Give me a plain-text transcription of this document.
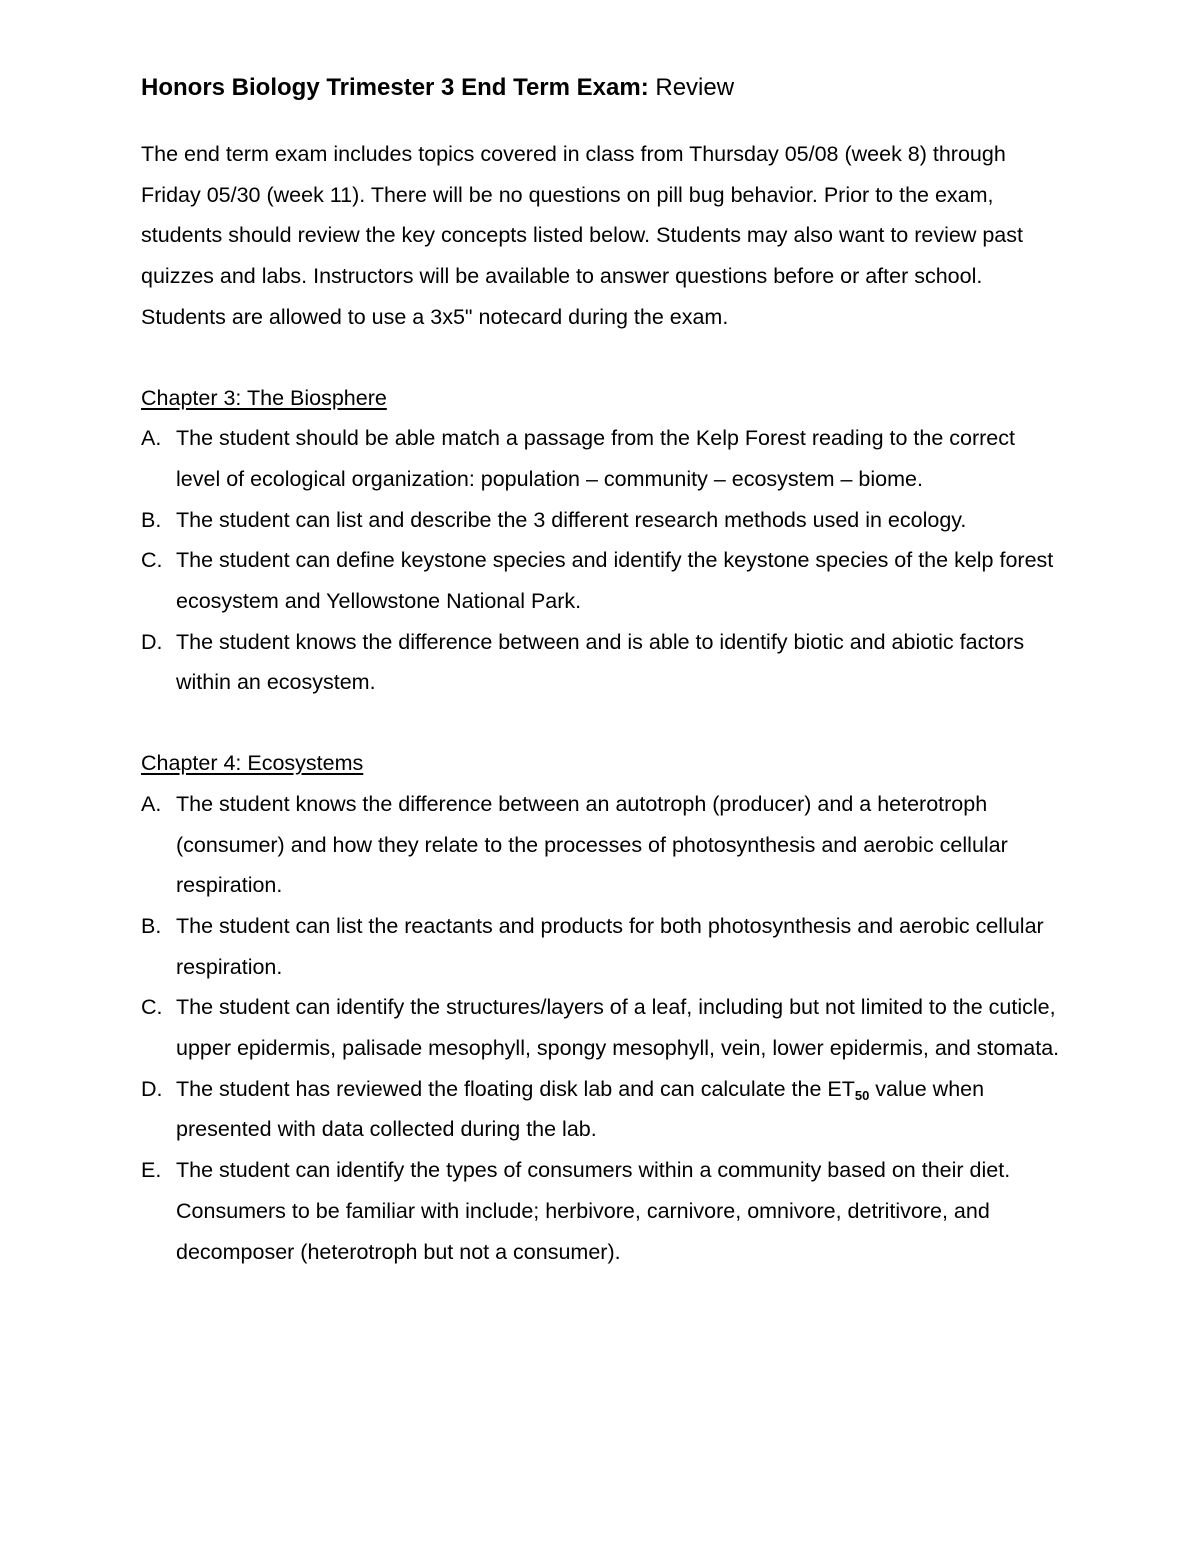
Honors Biology Trimester 3 End Term Exam: Review

The end term exam includes topics covered in class from Thursday 05/08 (week 8) through Friday 05/30 (week 11). There will be no questions on pill bug behavior. Prior to the exam, students should review the key concepts listed below. Students may also want to review past quizzes and labs. Instructors will be available to answer questions before or after school. Students are allowed to use a 3x5" notecard during the exam.

Chapter 3: The Biosphere

A. The student should be able match a passage from the Kelp Forest reading to the correct level of ecological organization: population – community – ecosystem – biome.
B. The student can list and describe the 3 different research methods used in ecology.
C. The student can define keystone species and identify the keystone species of the kelp forest ecosystem and Yellowstone National Park.
D. The student knows the difference between and is able to identify biotic and abiotic factors within an ecosystem.

Chapter 4: Ecosystems

A. The student knows the difference between an autotroph (producer) and a heterotroph (consumer) and how they relate to the processes of photosynthesis and aerobic cellular respiration.
B. The student can list the reactants and products for both photosynthesis and aerobic cellular respiration.
C. The student can identify the structures/layers of a leaf, including but not limited to the cuticle, upper epidermis, palisade mesophyll, spongy mesophyll, vein, lower epidermis, and stomata.
D. The student has reviewed the floating disk lab and can calculate the $ET_{50}$ value when presented with data collected during the lab.
E. The student can identify the types of consumers within a community based on their diet. Consumers to be familiar with include; herbivore, carnivore, omnivore, detritivore, and decomposer (heterotroph but not a consumer).
